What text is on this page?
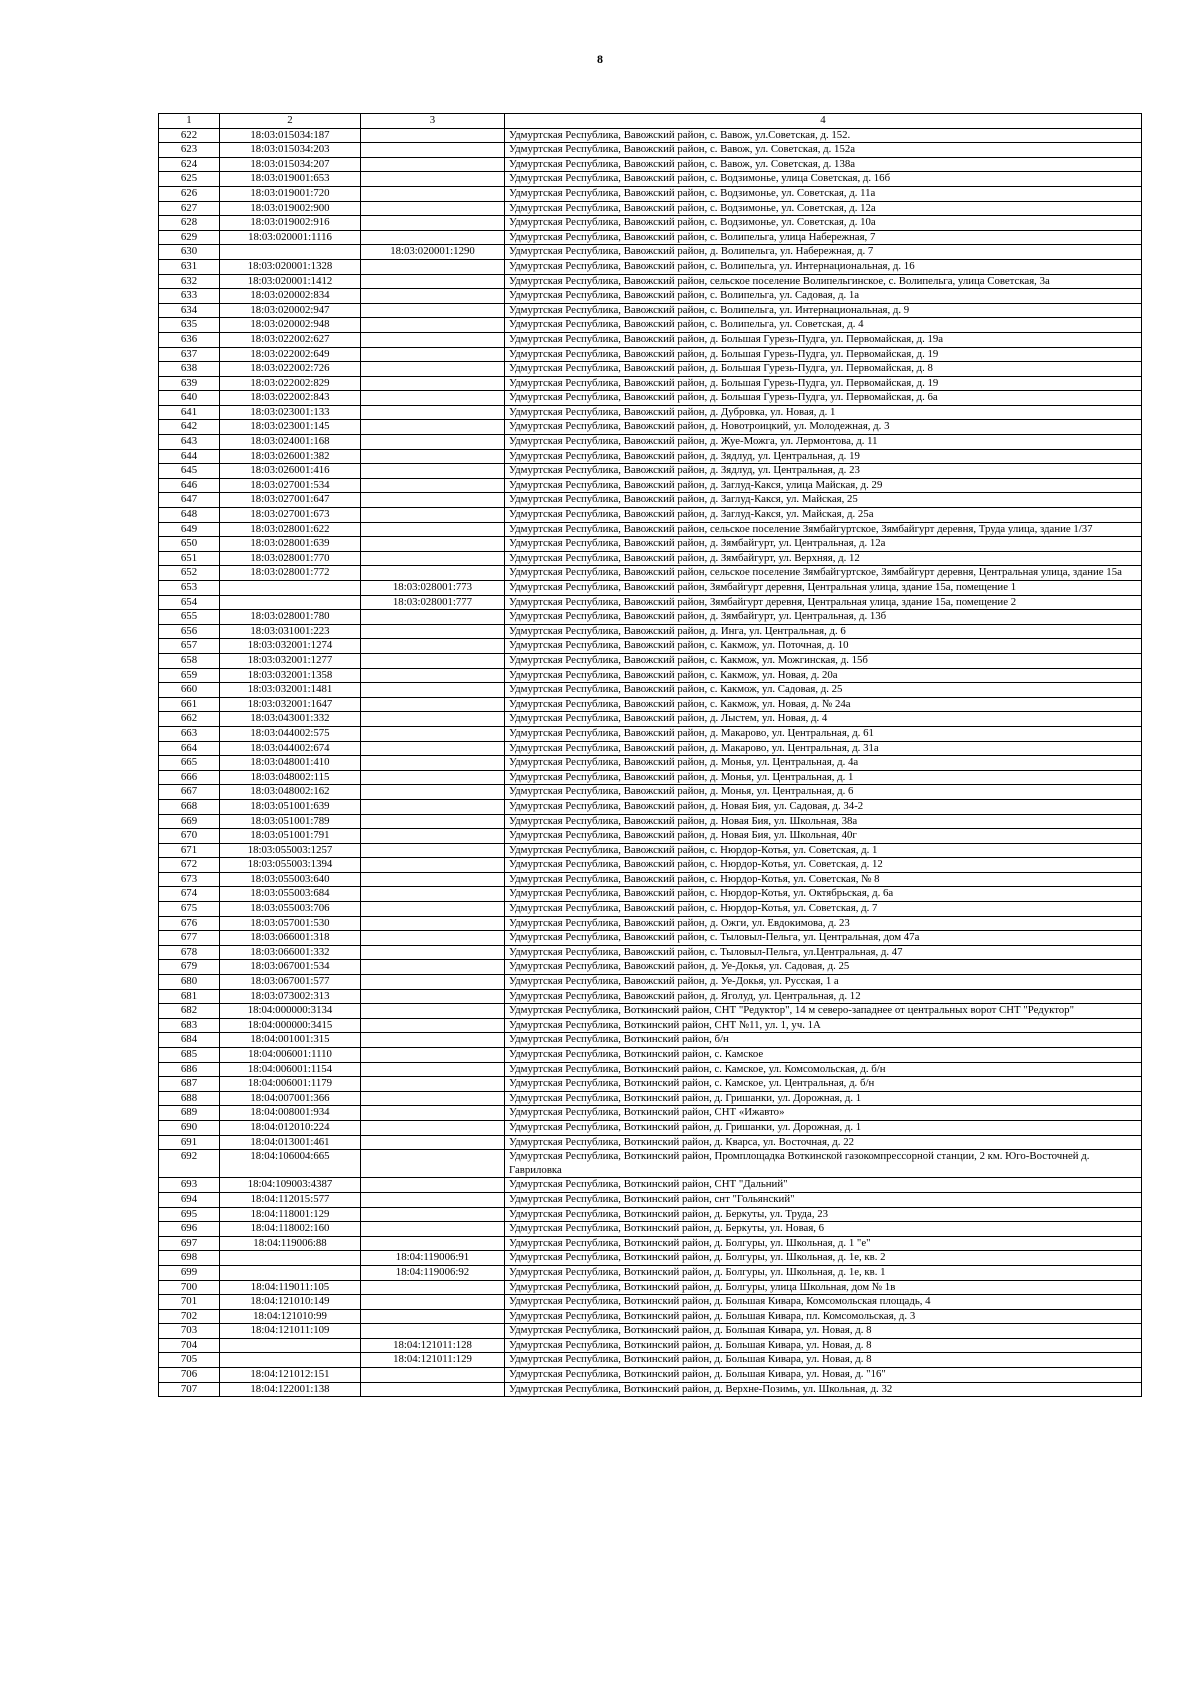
8
1	2	3	4
622	18:03:015034:187		Удмуртская Республика, Вавожский район, с. Вавож, ул.Советская, д. 152.
623	18:03:015034:203		Удмуртская Республика, Вавожский район, с. Вавож, ул. Советская, д. 152а
624	18:03:015034:207		Удмуртская Республика, Вавожский район, с. Вавож, ул. Советская, д. 138а
625	18:03:019001:653		Удмуртская Республика, Вавожский район, с. Водзимонье, улица Советская, д. 16б
626	18:03:019001:720		Удмуртская Республика, Вавожский район, с. Водзимонье, ул. Советская, д. 11а
627	18:03:019002:900		Удмуртская Республика, Вавожский район, с. Водзимонье, ул. Советская, д. 12а
628	18:03:019002:916		Удмуртская Республика, Вавожский район, с. Водзимонье, ул. Советская, д. 10а
629	18:03:020001:1116		Удмуртская Республика, Вавожский район, с. Волипельга, улица Набережная, 7
630		18:03:020001:1290	Удмуртская Республика, Вавожский район, д. Волипельга, ул. Набережная, д. 7
631	18:03:020001:1328		Удмуртская Республика, Вавожский район, с. Волипельга, ул. Интернациональная, д. 16
632	18:03:020001:1412		Удмуртская Республика, Вавожский район, сельское поселение Волипельгинское, с. Волипельга, улица Советская, 3а
633	18:03:020002:834		Удмуртская Республика, Вавожский район, с. Волипельга, ул. Садовая, д. 1а
634	18:03:020002:947		Удмуртская Республика, Вавожский район, с. Волипельга, ул. Интернациональная, д. 9
635	18:03:020002:948		Удмуртская Республика, Вавожский район, с. Волипельга, ул. Советская, д. 4
636	18:03:022002:627		Удмуртская Республика, Вавожский район, д. Большая Гурезь-Пудга, ул. Первомайская, д. 19а
637	18:03:022002:649		Удмуртская Республика, Вавожский район, д. Большая Гурезь-Пудга, ул. Первомайская, д. 19
638	18:03:022002:726		Удмуртская Республика, Вавожский район, д. Большая Гурезь-Пудга, ул. Первомайская, д. 8
639	18:03:022002:829		Удмуртская Республика, Вавожский район, д. Большая Гурезь-Пудга, ул. Первомайская, д. 19
640	18:03:022002:843		Удмуртская Республика, Вавожский район, д. Большая Гурезь-Пудга, ул. Первомайская, д. 6а
641	18:03:023001:133		Удмуртская Республика, Вавожский район, д. Дубровка, ул. Новая, д. 1
642	18:03:023001:145		Удмуртская Республика, Вавожский район, д. Новотроицкий, ул. Молодежная, д. 3
643	18:03:024001:168		Удмуртская Республика, Вавожский район, д. Жуе-Можга, ул. Лермонтова, д. 11
644	18:03:026001:382		Удмуртская Республика, Вавожский район, д. Зядлуд, ул. Центральная, д. 19
645	18:03:026001:416		Удмуртская Республика, Вавожский район, д. Зядлуд, ул. Центральная, д. 23
646	18:03:027001:534		Удмуртская Республика, Вавожский район, д. Заглуд-Какся, улица Майская, д. 29
647	18:03:027001:647		Удмуртская Республика, Вавожский район, д. Заглуд-Какся, ул. Майская, 25
648	18:03:027001:673		Удмуртская Республика, Вавожский район, д. Заглуд-Какся, ул. Майская, д. 25а
649	18:03:028001:622		Удмуртская Республика, Вавожский район, сельское поселение Зямбайгуртское, Зямбайгурт деревня, Труда улица, здание 1/37
650	18:03:028001:639		Удмуртская Республика, Вавожский район, д. Зямбайгурт, ул. Центральная, д. 12а
651	18:03:028001:770		Удмуртская Республика, Вавожский район, д. Зямбайгурт, ул. Верхняя, д. 12
652	18:03:028001:772		Удмуртская Республика, Вавожский район, сельское поселение Зямбайгуртское, Зямбайгурт деревня, Центральная улица, здание 15а
653		18:03:028001:773	Удмуртская Республика, Вавожский район, Зямбайгурт деревня, Центральная улица, здание 15а, помещение 1
654		18:03:028001:777	Удмуртская Республика, Вавожский район, Зямбайгурт деревня, Центральная улица, здание 15а, помещение 2
655	18:03:028001:780		Удмуртская Республика, Вавожский район, д. Зямбайгурт, ул. Центральная, д. 13б
656	18:03:031001:223		Удмуртская Республика, Вавожский район, д. Инга, ул. Центральная, д. 6
657	18:03:032001:1274		Удмуртская Республика, Вавожский район, с. Какмож, ул. Поточная, д. 10
658	18:03:032001:1277		Удмуртская Республика, Вавожский район, с. Какмож, ул. Можгинская, д. 15б
659	18:03:032001:1358		Удмуртская Республика, Вавожский район, с. Какмож, ул. Новая, д. 20а
660	18:03:032001:1481		Удмуртская Республика, Вавожский район, с. Какмож, ул. Садовая, д. 25
661	18:03:032001:1647		Удмуртская Республика, Вавожский район, с. Какмож, ул. Новая, д. № 24а
662	18:03:043001:332		Удмуртская Республика, Вавожский район, д. Лыстем, ул. Новая, д. 4
663	18:03:044002:575		Удмуртская Республика, Вавожский район, д. Макарово, ул. Центральная, д. 61
664	18:03:044002:674		Удмуртская Республика, Вавожский район, д. Макарово, ул. Центральная, д. 31а
665	18:03:048001:410		Удмуртская Республика, Вавожский район, д. Монья, ул. Центральная, д. 4а
666	18:03:048002:115		Удмуртская Республика, Вавожский район, д. Монья, ул. Центральная, д. 1
667	18:03:048002:162		Удмуртская Республика, Вавожский район, д. Монья, ул. Центральная, д. 6
668	18:03:051001:639		Удмуртская Республика, Вавожский район, д. Новая Бия, ул. Садовая, д. 34-2
669	18:03:051001:789		Удмуртская Республика, Вавожский район, д. Новая Бия, ул. Школьная, 38а
670	18:03:051001:791		Удмуртская Республика, Вавожский район, д. Новая Бия, ул. Школьная, 40г
671	18:03:055003:1257		Удмуртская Республика, Вавожский район, с. Нюрдор-Котья, ул. Советская, д. 1
672	18:03:055003:1394		Удмуртская Республика, Вавожский район, с. Нюрдор-Котья, ул. Советская, д. 12
673	18:03:055003:640		Удмуртская Республика, Вавожский район, с. Нюрдор-Котья, ул. Советская, № 8
674	18:03:055003:684		Удмуртская Республика, Вавожский район, с. Нюрдор-Котья, ул. Октябрьская, д. 6а
675	18:03:055003:706		Удмуртская Республика, Вавожский район, с. Нюрдор-Котья, ул. Советская, д. 7
676	18:03:057001:530		Удмуртская Республика, Вавожский район, д. Ожги, ул. Евдокимова, д. 23
677	18:03:066001:318		Удмуртская Республика, Вавожский район, с. Тыловыл-Пельга, ул. Центральная, дом 47а
678	18:03:066001:332		Удмуртская Республика, Вавожский район, с. Тыловыл-Пельга, ул.Центральная, д. 47
679	18:03:067001:534		Удмуртская Республика, Вавожский район, д. Уе-Докья, ул. Садовая, д. 25
680	18:03:067001:577		Удмуртская Республика, Вавожский район, д. Уе-Докья, ул. Русская, 1 а
681	18:03:073002:313		Удмуртская Республика, Вавожский район, д. Яголуд, ул. Центральная, д. 12
682	18:04:000000:3134		Удмуртская Республика, Воткинский район, СНТ "Редуктор", 14 м северо-западнее от центральных ворот СНТ "Редуктор"
683	18:04:000000:3415		Удмуртская Республика, Воткинский район, СНТ №11, ул. 1, уч. 1А
684	18:04:001001:315		Удмуртская Республика, Воткинский район, б/н
685	18:04:006001:1110		Удмуртская Республика, Воткинский район, с. Камское
686	18:04:006001:1154		Удмуртская Республика, Воткинский район, с. Камское, ул. Комсомольская, д. б/н
687	18:04:006001:1179		Удмуртская Республика, Воткинский район, с. Камское, ул. Центральная, д. б/н
688	18:04:007001:366		Удмуртская Республика, Воткинский район, д. Гришанки, ул. Дорожная, д. 1
689	18:04:008001:934		Удмуртская Республика, Воткинский район, СНТ «Ижавто»
690	18:04:012010:224		Удмуртская Республика, Воткинский район, д. Гришанки, ул. Дорожная, д. 1
691	18:04:013001:461		Удмуртская Республика, Воткинский район, д. Кварса, ул. Восточная, д. 22
692	18:04:106004:665		Удмуртская Республика, Воткинский район, Промплощадка Воткинской газокомпрессорной станции, 2 км. Юго-Восточней д. Гавриловка
693	18:04:109003:4387		Удмуртская Республика, Воткинский район, СНТ "Дальний"
694	18:04:112015:577		Удмуртская Республика, Воткинский район, снт "Гольянский"
695	18:04:118001:129		Удмуртская Республика, Воткинский район, д. Беркуты, ул. Труда, 23
696	18:04:118002:160		Удмуртская Республика, Воткинский район, д. Беркуты, ул. Новая, 6
697	18:04:119006:88		Удмуртская Республика, Воткинский район, д. Болгуры, ул. Школьная, д. 1 "е"
698		18:04:119006:91	Удмуртская Республика, Воткинский район, д. Болгуры, ул. Школьная, д. 1е, кв. 2
699		18:04:119006:92	Удмуртская Республика, Воткинский район, д. Болгуры, ул. Школьная, д. 1е, кв. 1
700	18:04:119011:105		Удмуртская Республика, Воткинский район, д. Болгуры, улица Школьная, дом № 1в
701	18:04:121010:149		Удмуртская Республика, Воткинский район, д. Большая Кивара, Комсомольская площадь, 4
702	18:04:121010:99		Удмуртская Республика, Воткинский район, д. Большая Кивара, пл. Комсомольская, д. 3
703	18:04:121011:109		Удмуртская Республика, Воткинский район, д. Большая Кивара, ул. Новая, д. 8
704		18:04:121011:128	Удмуртская Республика, Воткинский район, д. Большая Кивара, ул. Новая, д. 8
705		18:04:121011:129	Удмуртская Республика, Воткинский район, д. Большая Кивара, ул. Новая, д. 8
706	18:04:121012:151		Удмуртская Республика, Воткинский район, д. Большая Кивара, ул. Новая, д. "16"
707	18:04:122001:138		Удмуртская Республика, Воткинский район, д. Верхне-Позимь, ул. Школьная, д. 32
